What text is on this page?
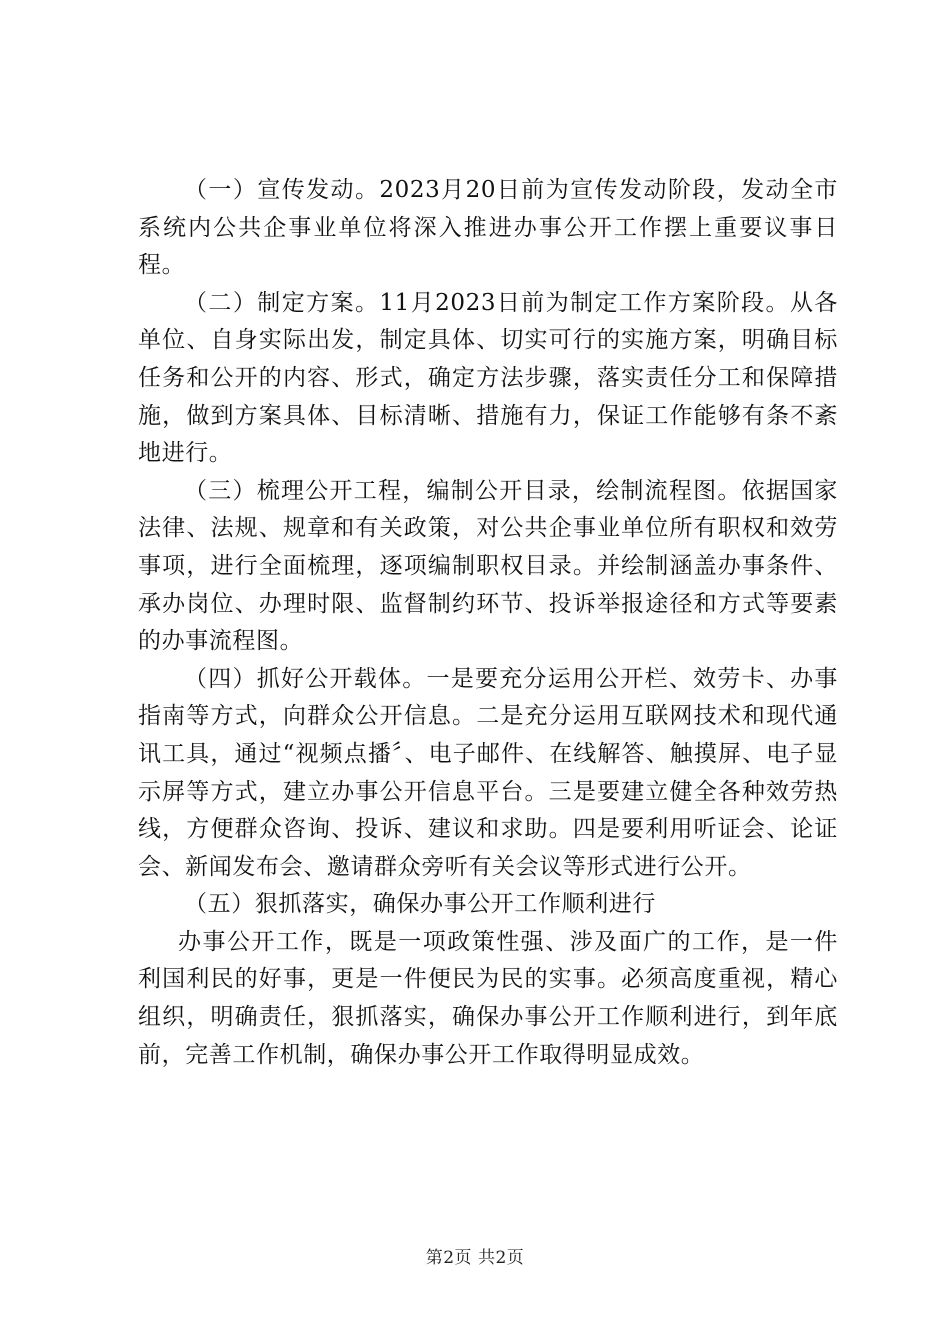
（一）宣传发动。2023月20日前为宣传发动阶段，发动全市系统内公共企事业单位将深入推进办事公开工作摆上重要议事日程。

（二）制定方案。11月2023日前为制定工作方案阶段。从各单位、自身实际出发，制定具体、切实可行的实施方案，明确目标任务和公开的内容、形式，确定方法步骤，落实责任分工和保障措施，做到方案具体、目标清晰、措施有力，保证工作能够有条不紊地进行。

（三）梳理公开工程，编制公开目录，绘制流程图。依据国家法律、法规、规章和有关政策，对公共企事业单位所有职权和效劳事项，进行全面梳理，逐项编制职权目录。并绘制涵盖办事条件、承办岗位、办理时限、监督制约环节、投诉举报途径和方式等要素的办事流程图。

（四）抓好公开载体。一是要充分运用公开栏、效劳卡、办事指南等方式，向群众公开信息。二是充分运用互联网技术和现代通讯工具，通过“视频点播〞、电子邮件、在线解答、触摸屏、电子显示屏等方式，建立办事公开信息平台。三是要建立健全各种效劳热线，方便群众咨询、投诉、建议和求助。四是要利用听证会、论证会、新闻发布会、邀请群众旁听有关会议等形式进行公开。

（五）狠抓落实，确保办事公开工作顺利进行

办事公开工作，既是一项政策性强、涉及面广的工作，是一件利国利民的好事，更是一件便民为民的实事。必须高度重视，精心组织，明确责任，狠抓落实，确保办事公开工作顺利进行，到年底前，完善工作机制，确保办事公开工作取得明显成效。

第2页 共2页
